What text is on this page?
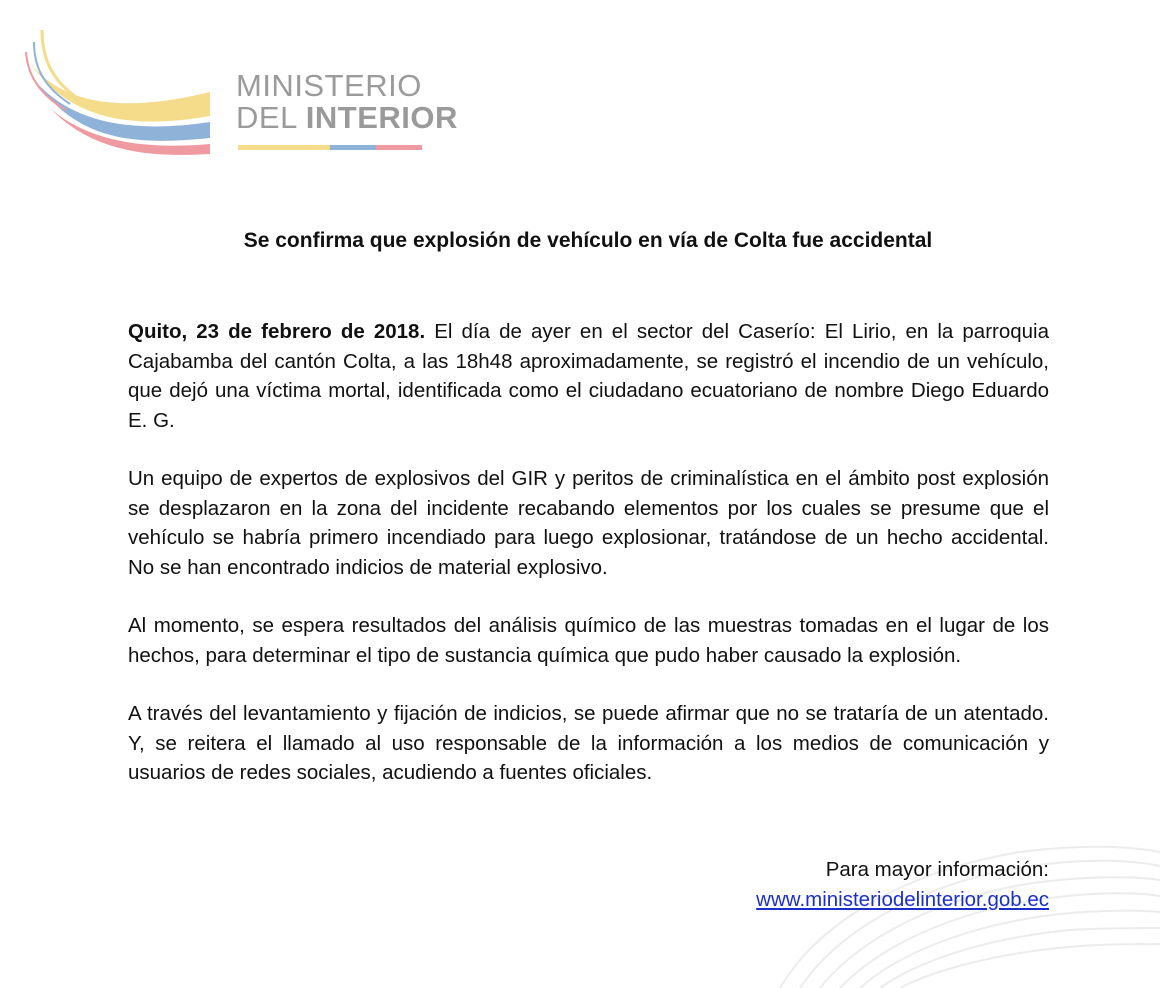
MINISTERIO
DEL INTERIOR
Se confirma que explosión de vehículo en vía de Colta fue accidental

Quito, 23 de febrero de 2018. El día de ayer en el sector del Caserío: El Lirio, en la parroquia Cajabamba del cantón Colta, a las 18h48 aproximadamente, se registró el incendio de un vehículo, que dejó una víctima mortal, identificada como el ciudadano ecuatoriano de nombre Diego Eduardo E. G.

Un equipo de expertos de explosivos del GIR y peritos de criminalística en el ámbito post explosión se desplazaron en la zona del incidente recabando elementos por los cuales se presume que el vehículo se habría primero incendiado para luego explosionar, tratándose de un hecho accidental. No se han encontrado indicios de material explosivo.

Al momento, se espera resultados del análisis químico de las muestras tomadas en el lugar de los hechos, para determinar el tipo de sustancia química que pudo haber causado la explosión.

A través del levantamiento y fijación de indicios, se puede afirmar que no se trataría de un atentado. Y, se reitera el llamado al uso responsable de la información a los medios de comunicación y usuarios de redes sociales, acudiendo a fuentes oficiales.

Para mayor información:
www.ministeriodelinterior.gob.ec
